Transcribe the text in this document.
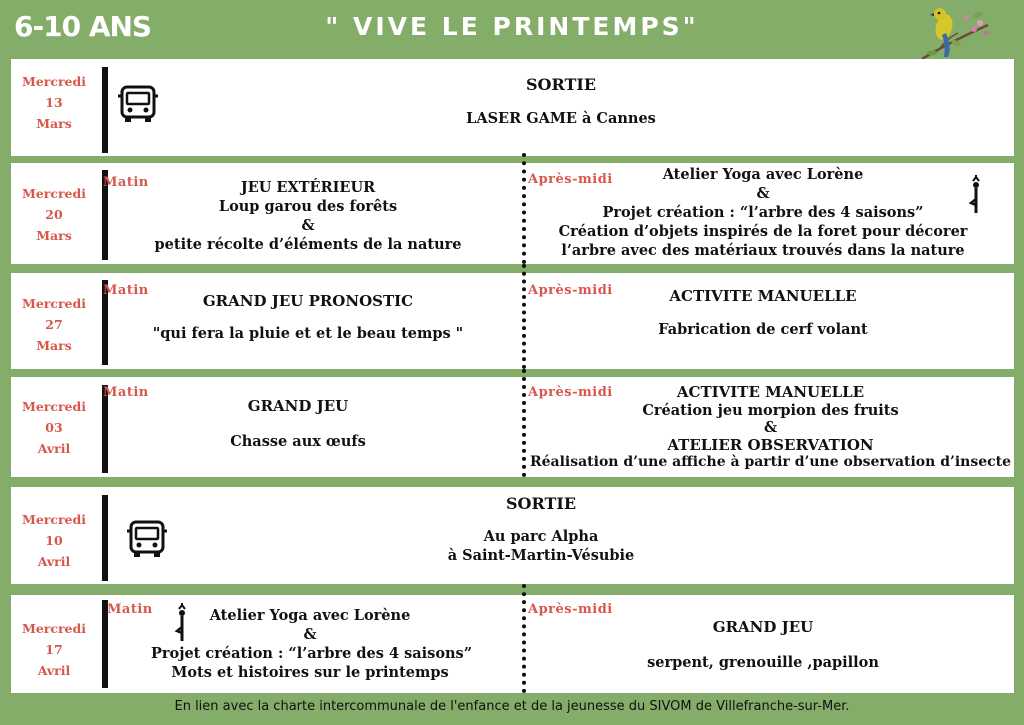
6-10 ANS	" VIVE LE PRINTEMPS"
Mercredi
13
Mars
SORTIE
LASER GAME à Cannes
Mercredi
20
Mars
Matin	JEU EXTÉRIEUR
Loup garou des forêts
&
petite récolte d’éléments de la nature
Après-midi	Atelier Yoga avec Lorène
&
Projet création : “l’arbre des 4 saisons”
Création d’objets inspirés de la foret pour décorer
l’arbre avec des matériaux trouvés dans la nature
Mercredi
27
Mars
Matin
GRAND JEU PRONOSTIC
"qui fera la pluie et et le beau temps "
Après-midi	ACTIVITE MANUELLE
Fabrication de cerf volant
Mercredi
03
Avril
Matin
GRAND JEU
Chasse aux œufs
Après-midi	ACTIVITE MANUELLE
Création jeu morpion des fruits
&
ATELIER OBSERVATION
Réalisation d’une affiche à partir d’une observation d’insecte
Mercredi
10
Avril
SORTIE
Au parc Alpha
à Saint-Martin-Vésubie
Mercredi
17
Avril
Matin	Atelier Yoga avec Lorène
&
Projet création : “l’arbre des 4 saisons”
Mots et histoires sur le printemps
Après-midi
GRAND JEU
serpent, grenouille ,papillon
En lien avec la charte intercommunale de l'enfance et de la jeunesse du SIVOM de Villefranche-sur-Mer.
